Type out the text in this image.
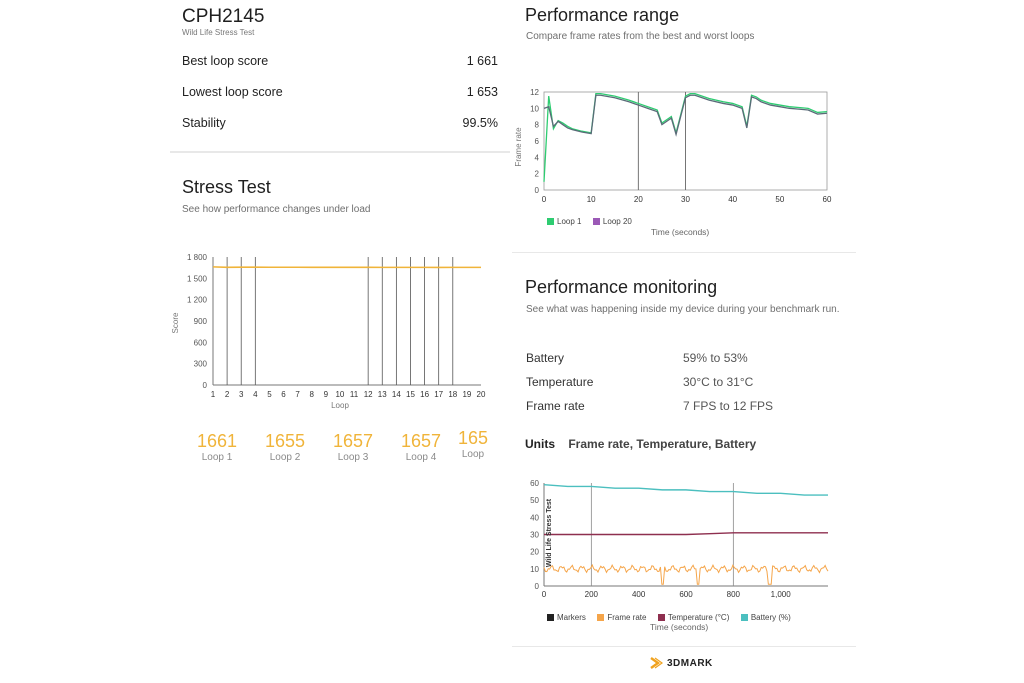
CPH2145
Wild Life Stress Test
Best loop score	1 661
Lowest loop score	1 653
Stability	99.5%
Stress Test
See how performance changes under load
Score
0
300
600
900
1 200
1 500
1 800
1 2 3 4 5 6 7 8 9 10 11 12 13 14 15 16 17 18 19 20
Loop
1661
Loop 1
1655
Loop 2
1657
Loop 3
1657
Loop 4
165
Loop
Performance range
Compare frame rates from the best and worst loops
Frame rate
0
2
4
6
8
10
12
0	10	20	30	40	50	60
Loop 1	Loop 20
Time (seconds)
Performance monitoring
See what was happening inside my device during your benchmark run.
Battery	59% to 53%
Temperature	30°C to 31°C
Frame rate	7 FPS to 12 FPS
Units Frame rate, Temperature, Battery
0
10
20
30
40
50
60
0	200	400	600	800	1,000
Wild Life Stress Test
Markers	Frame rate	Temperature (°C)	Battery (%)
Time (seconds)
3DMARK
